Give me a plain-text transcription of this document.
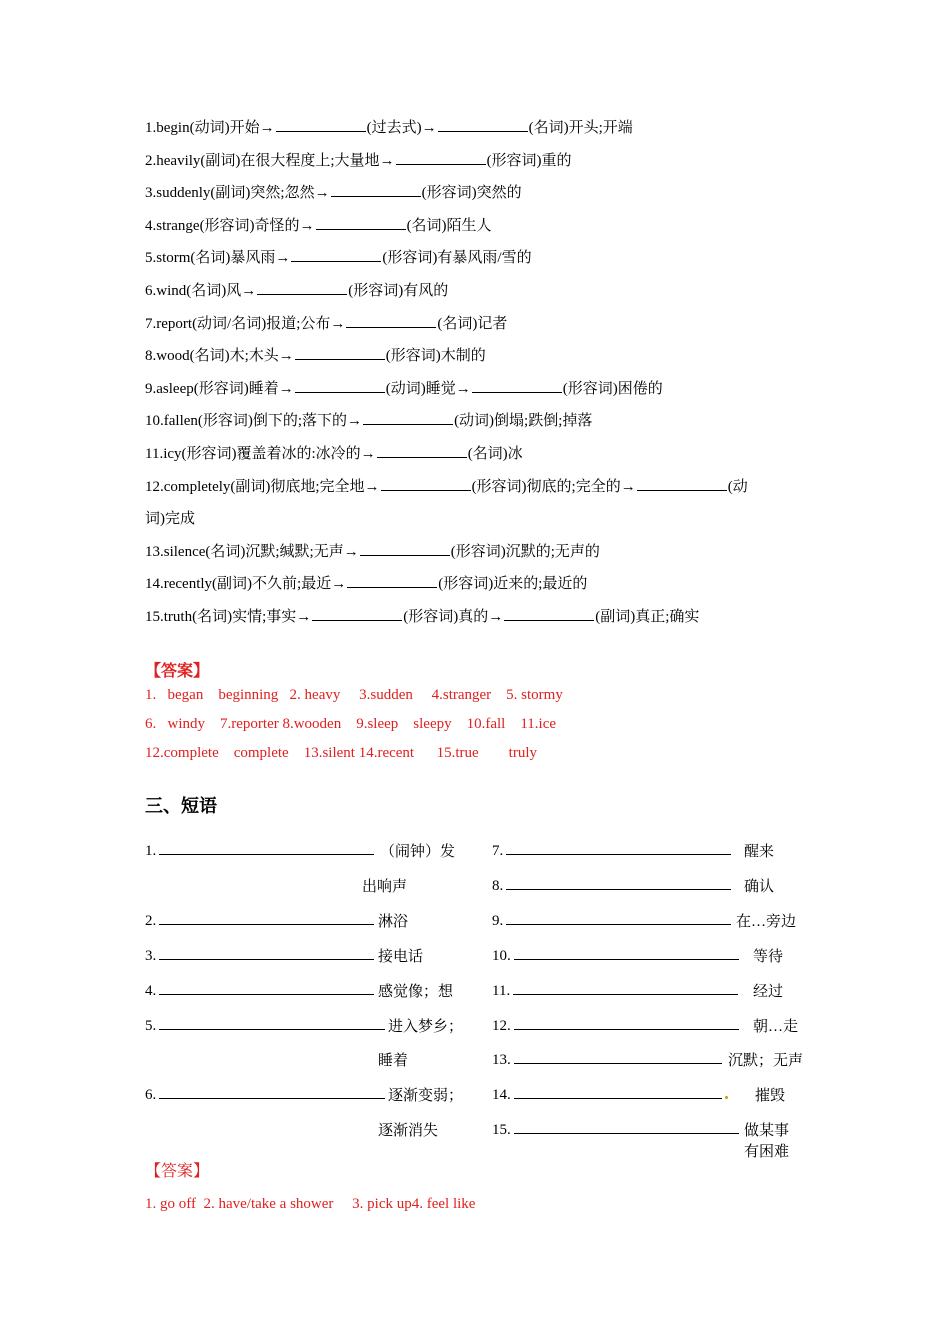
1.begin(动词)开始→	(过去式)→	(名词)开头;开端
2.heavily(副词)在很大程度上;大量地→	(形容词)重的
3.suddenly(副词)突然;忽然→	(形容词)突然的
4.strange(形容词)奇怪的→	(名词)陌生人
5.storm(名词)暴风雨→	(形容词)有暴风雨/雪的
6.wind(名词)风→	(形容词)有风的
7.report(动词/名词)报道;公布→	(名词)记者
8.wood(名词)木;木头→	(形容词)木制的
9.asleep(形容词)睡着→	(动词)睡觉→	(形容词)困倦的
10.fallen(形容词)倒下的;落下的→	(动词)倒塌;跌倒;掉落
11.icy(形容词)覆盖着冰的:冰冷的→	(名词)冰
12.completely(副词)彻底地;完全地→	(形容词)彻底的;完全的→	(动
词)完成
13.silence(名词)沉默;缄默;无声→	(形容词)沉默的;无声的
14.recently(副词)不久前;最近→	(形容词)近来的;最近的
15.truth(名词)实情;事实→	(形容词)真的→	(副词)真正;确实
【答案】
1.   began    beginning   2. heavy     3.sudden     4.stranger    5. stormy
6.   windy    7.reporter 8.wooden    9.sleep    sleepy    10.fall    11.ice
12.complete    complete    13.silent 14.recent      15.true        truly
三、短语
1.	（闹钟）发
出响声
2.	淋浴
3.	接电话
4.	感觉像；想
5.	进入梦乡；
睡着
6.	逐渐变弱；
逐渐消失
7.	醒来
8.	确认
9.	在…旁边
10.	等待
11.	经过
12.	朝…走
13.	沉默；无声
14.	摧毁
15.	做某事
有困难
【答案】
1. go off  2. have/take a shower     3. pick up4. feel like
